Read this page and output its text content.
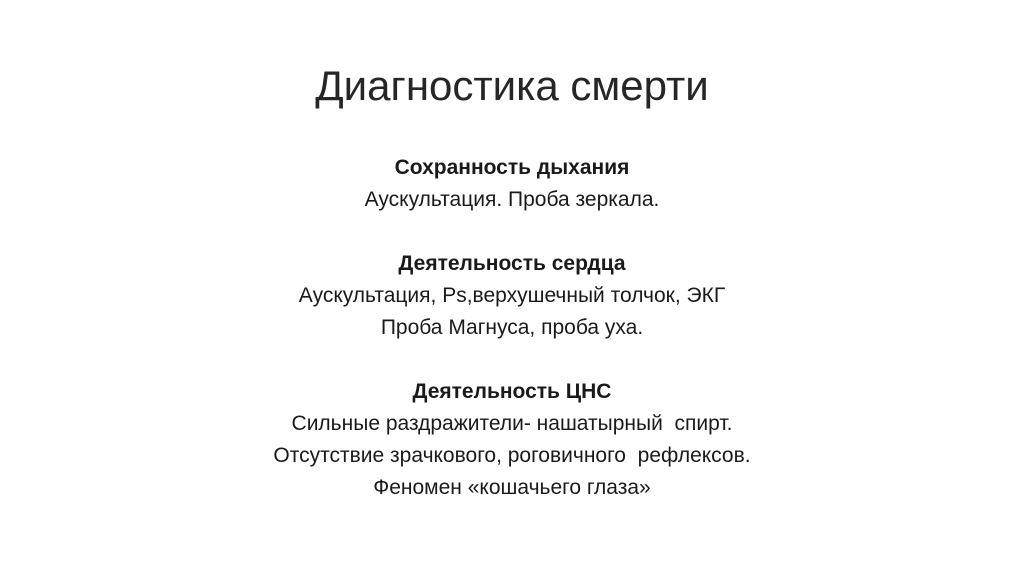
Диагностика смерти
Сохранность дыхания
Аускультация. Проба зеркала.
Деятельность сердца
Аускультация, Ps,верхушечный толчок, ЭКГ
Проба Магнуса, проба уха.
Деятельность ЦНС
Сильные раздражители- нашатырный  спирт.
Отсутствие зрачкового, роговичного  рефлексов.
Феномен «кошачьего глаза»
